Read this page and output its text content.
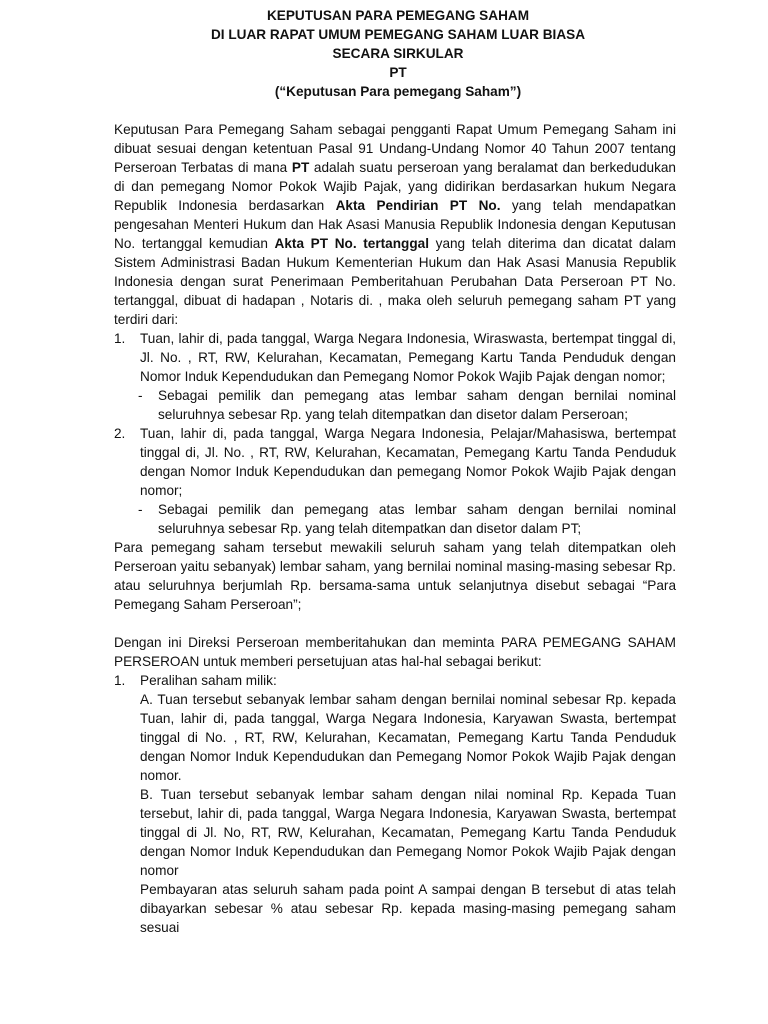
KEPUTUSAN PARA PEMEGANG SAHAM

DI LUAR RAPAT UMUM PEMEGANG SAHAM LUAR BIASA

SECARA SIRKULAR

PT

(“Keputusan Para pemegang Saham”)

Keputusan Para Pemegang Saham sebagai pengganti Rapat Umum Pemegang Saham ini dibuat sesuai dengan ketentuan Pasal 91 Undang-Undang Nomor 40 Tahun 2007 tentang Perseroan Terbatas di mana PT adalah suatu perseroan yang beralamat dan berkedudukan di dan pemegang Nomor Pokok Wajib Pajak, yang didirikan berdasarkan hukum Negara Republik Indonesia berdasarkan Akta Pendirian PT No. yang telah mendapatkan pengesahan Menteri Hukum dan Hak Asasi Manusia Republik Indonesia dengan Keputusan No. tertanggal kemudian Akta PT No. tertanggal yang telah diterima dan dicatat dalam Sistem Administrasi Badan Hukum Kementerian Hukum dan Hak Asasi Manusia Republik Indonesia dengan surat Penerimaan Pemberitahuan Perubahan Data Perseroan PT No. tertanggal, dibuat di hadapan , Notaris di. , maka oleh seluruh pemegang saham PT yang terdiri dari:

1. Tuan, lahir di, pada tanggal, Warga Negara Indonesia, Wiraswasta, bertempat tinggal di, Jl. No. , RT, RW, Kelurahan, Kecamatan, Pemegang Kartu Tanda Penduduk dengan Nomor Induk Kependudukan dan Pemegang Nomor Pokok Wajib Pajak dengan nomor;
- Sebagai pemilik dan pemegang atas lembar saham dengan bernilai nominal seluruhnya sebesar Rp. yang telah ditempatkan dan disetor dalam Perseroan;
2. Tuan, lahir di, pada tanggal, Warga Negara Indonesia, Pelajar/Mahasiswa, bertempat tinggal di, Jl. No. , RT, RW, Kelurahan, Kecamatan, Pemegang Kartu Tanda Penduduk dengan Nomor Induk Kependudukan dan pemegang Nomor Pokok Wajib Pajak dengan nomor;
- Sebagai pemilik dan pemegang atas lembar saham dengan bernilai nominal seluruhnya sebesar Rp. yang telah ditempatkan dan disetor dalam PT;

Para pemegang saham tersebut mewakili seluruh saham yang telah ditempatkan oleh Perseroan yaitu sebanyak) lembar saham, yang bernilai nominal masing-masing sebesar Rp. atau seluruhnya berjumlah Rp. bersama-sama untuk selanjutnya disebut sebagai “Para Pemegang Saham Perseroan”;

Dengan ini Direksi Perseroan memberitahukan dan meminta PARA PEMEGANG SAHAM PERSEROAN untuk memberi persetujuan atas hal-hal sebagai berikut:

1. Peralihan saham milik:
A. Tuan tersebut sebanyak lembar saham dengan bernilai nominal sebesar Rp. kepada Tuan, lahir di, pada tanggal, Warga Negara Indonesia, Karyawan Swasta, bertempat tinggal di No. , RT, RW, Kelurahan, Kecamatan, Pemegang Kartu Tanda Penduduk dengan Nomor Induk Kependudukan dan Pemegang Nomor Pokok Wajib Pajak dengan nomor.
B. Tuan tersebut sebanyak lembar saham dengan nilai nominal Rp. Kepada Tuan tersebut, lahir di, pada tanggal, Warga Negara Indonesia, Karyawan Swasta, bertempat tinggal di Jl. No, RT, RW, Kelurahan, Kecamatan, Pemegang Kartu Tanda Penduduk dengan Nomor Induk Kependudukan dan Pemegang Nomor Pokok Wajib Pajak dengan nomor
Pembayaran atas seluruh saham pada point A sampai dengan B tersebut di atas telah dibayarkan sebesar % atau sebesar Rp. kepada masing-masing pemegang saham sesuai
